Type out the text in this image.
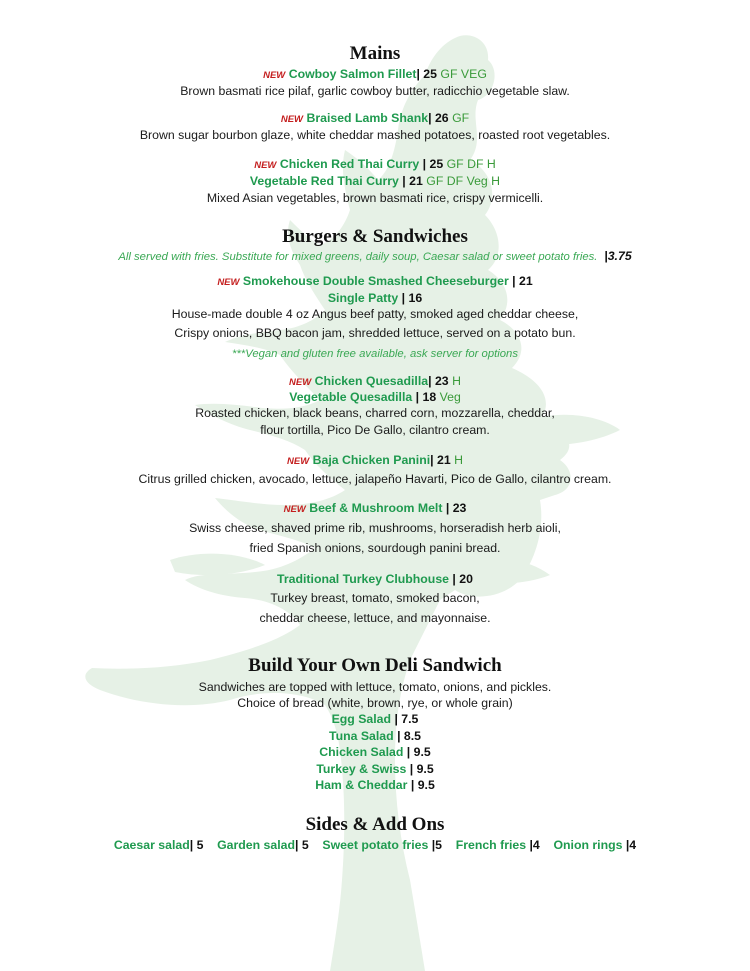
Mains
NEW Cowboy Salmon Fillet| 25 GF VEG
Brown basmati rice pilaf, garlic cowboy butter, radicchio vegetable slaw.
NEW Braised Lamb Shank| 26 GF
Brown sugar bourbon glaze, white cheddar mashed potatoes, roasted root vegetables.
NEW Chicken Red Thai Curry | 25 GF DF H
Vegetable Red Thai Curry | 21 GF DF Veg H
Mixed Asian vegetables, brown basmati rice, crispy vermicelli.
Burgers & Sandwiches
All served with fries. Substitute for mixed greens, daily soup, Caesar salad or sweet potato fries. |3.75
NEW Smokehouse Double Smashed Cheeseburger | 21
Single Patty | 16
House-made double 4 oz Angus beef patty, smoked aged cheddar cheese,
Crispy onions, BBQ bacon jam, shredded lettuce, served on a potato bun.
***Vegan and gluten free available, ask server for options
NEW Chicken Quesadilla| 23 H
Vegetable Quesadilla | 18 Veg
Roasted chicken, black beans, charred corn, mozzarella, cheddar,
flour tortilla, Pico De Gallo, cilantro cream.
NEW Baja Chicken Panini| 21 H
Citrus grilled chicken, avocado, lettuce, jalapeño Havarti, Pico de Gallo, cilantro cream.
NEW Beef & Mushroom Melt | 23
Swiss cheese, shaved prime rib, mushrooms, horseradish herb aioli,
fried Spanish onions, sourdough panini bread.
Traditional Turkey Clubhouse | 20
Turkey breast, tomato, smoked bacon,
cheddar cheese, lettuce, and mayonnaise.
Build Your Own Deli Sandwich
Sandwiches are topped with lettuce, tomato, onions, and pickles.
Choice of bread (white, brown, rye, or whole grain)
Egg Salad | 7.5
Tuna Salad | 8.5
Chicken Salad | 9.5
Turkey & Swiss | 9.5
Ham & Cheddar | 9.5
Sides & Add Ons
Caesar salad| 5 Garden salad| 5 Sweet potato fries |5 French fries |4 Onion rings |4
